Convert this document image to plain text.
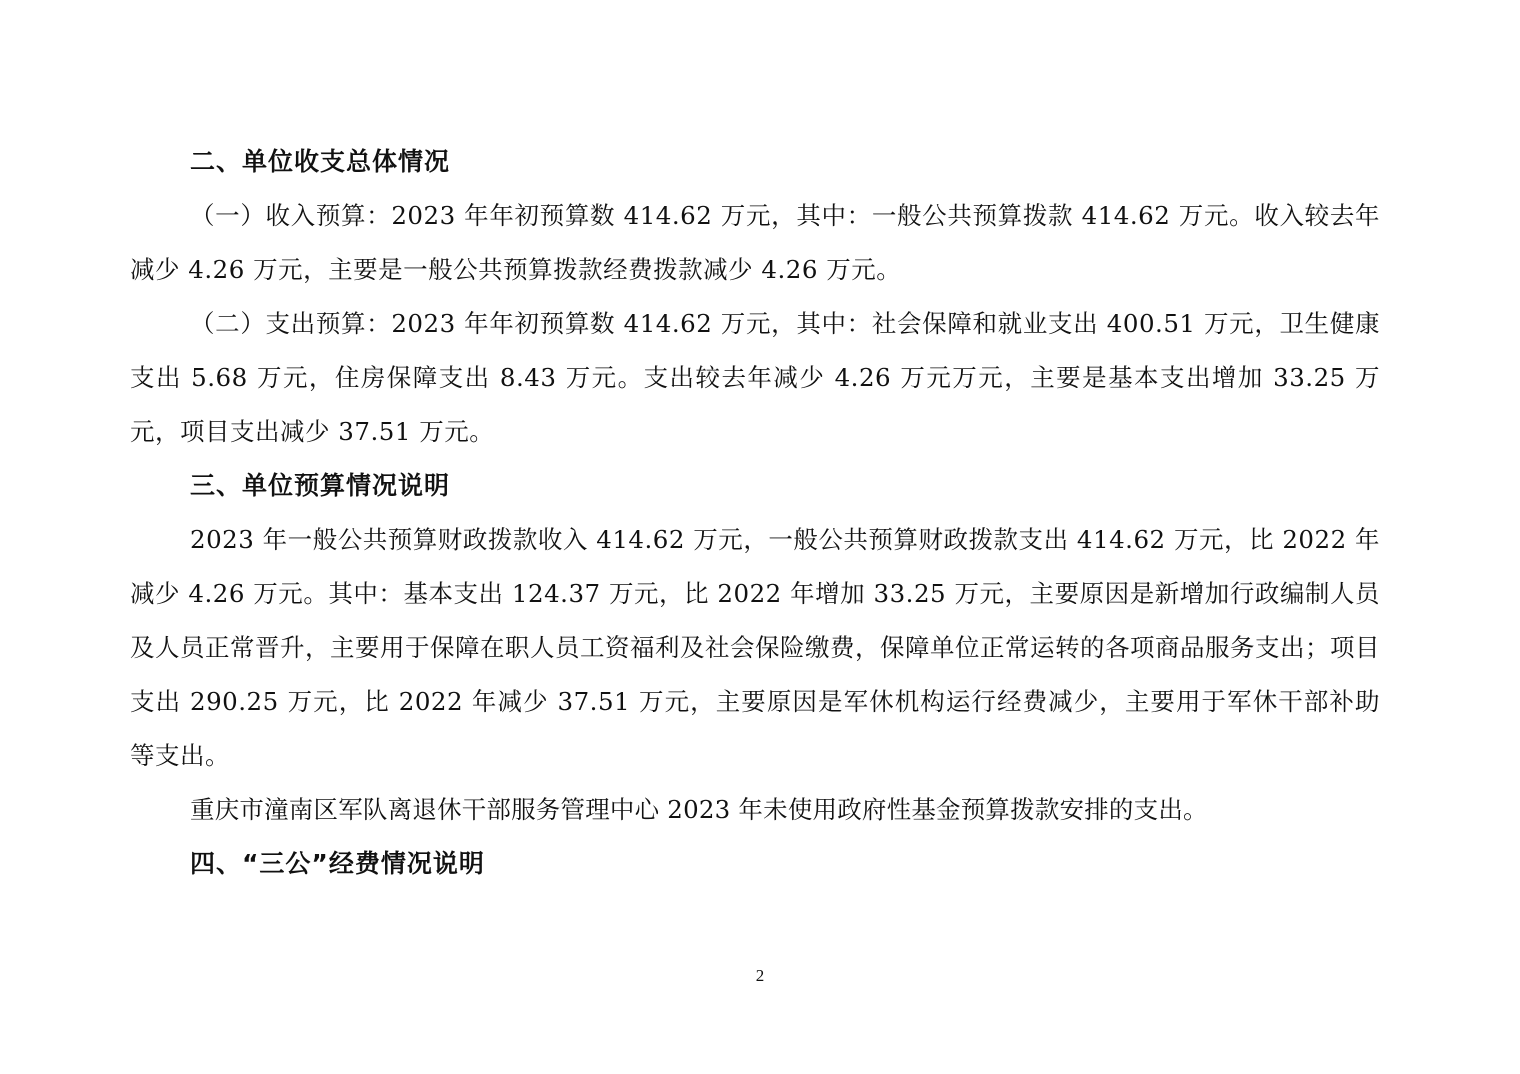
二、单位收支总体情况

（一）收入预算：2023 年年初预算数 414.62 万元，其中：一般公共预算拨款 414.62 万元。收入较去年减少 4.26 万元，主要是一般公共预算拨款经费拨款减少 4.26 万元。

（二）支出预算：2023 年年初预算数 414.62 万元，其中：社会保障和就业支出 400.51 万元，卫生健康支出 5.68 万元，住房保障支出 8.43 万元。支出较去年减少 4.26 万元万元，主要是基本支出增加 33.25 万元，项目支出减少 37.51 万元。

三、单位预算情况说明

2023 年一般公共预算财政拨款收入 414.62 万元，一般公共预算财政拨款支出 414.62 万元，比 2022 年减少 4.26 万元。其中：基本支出 124.37 万元，比 2022 年增加 33.25 万元，主要原因是新增加行政编制人员及人员正常晋升，主要用于保障在职人员工资福利及社会保险缴费，保障单位正常运转的各项商品服务支出；项目支出 290.25 万元，比 2022 年减少 37.51 万元，主要原因是军休机构运行经费减少，主要用于军休干部补助等支出。

重庆市潼南区军队离退休干部服务管理中心 2023 年未使用政府性基金预算拨款安排的支出。

四、“三公”经费情况说明
2
